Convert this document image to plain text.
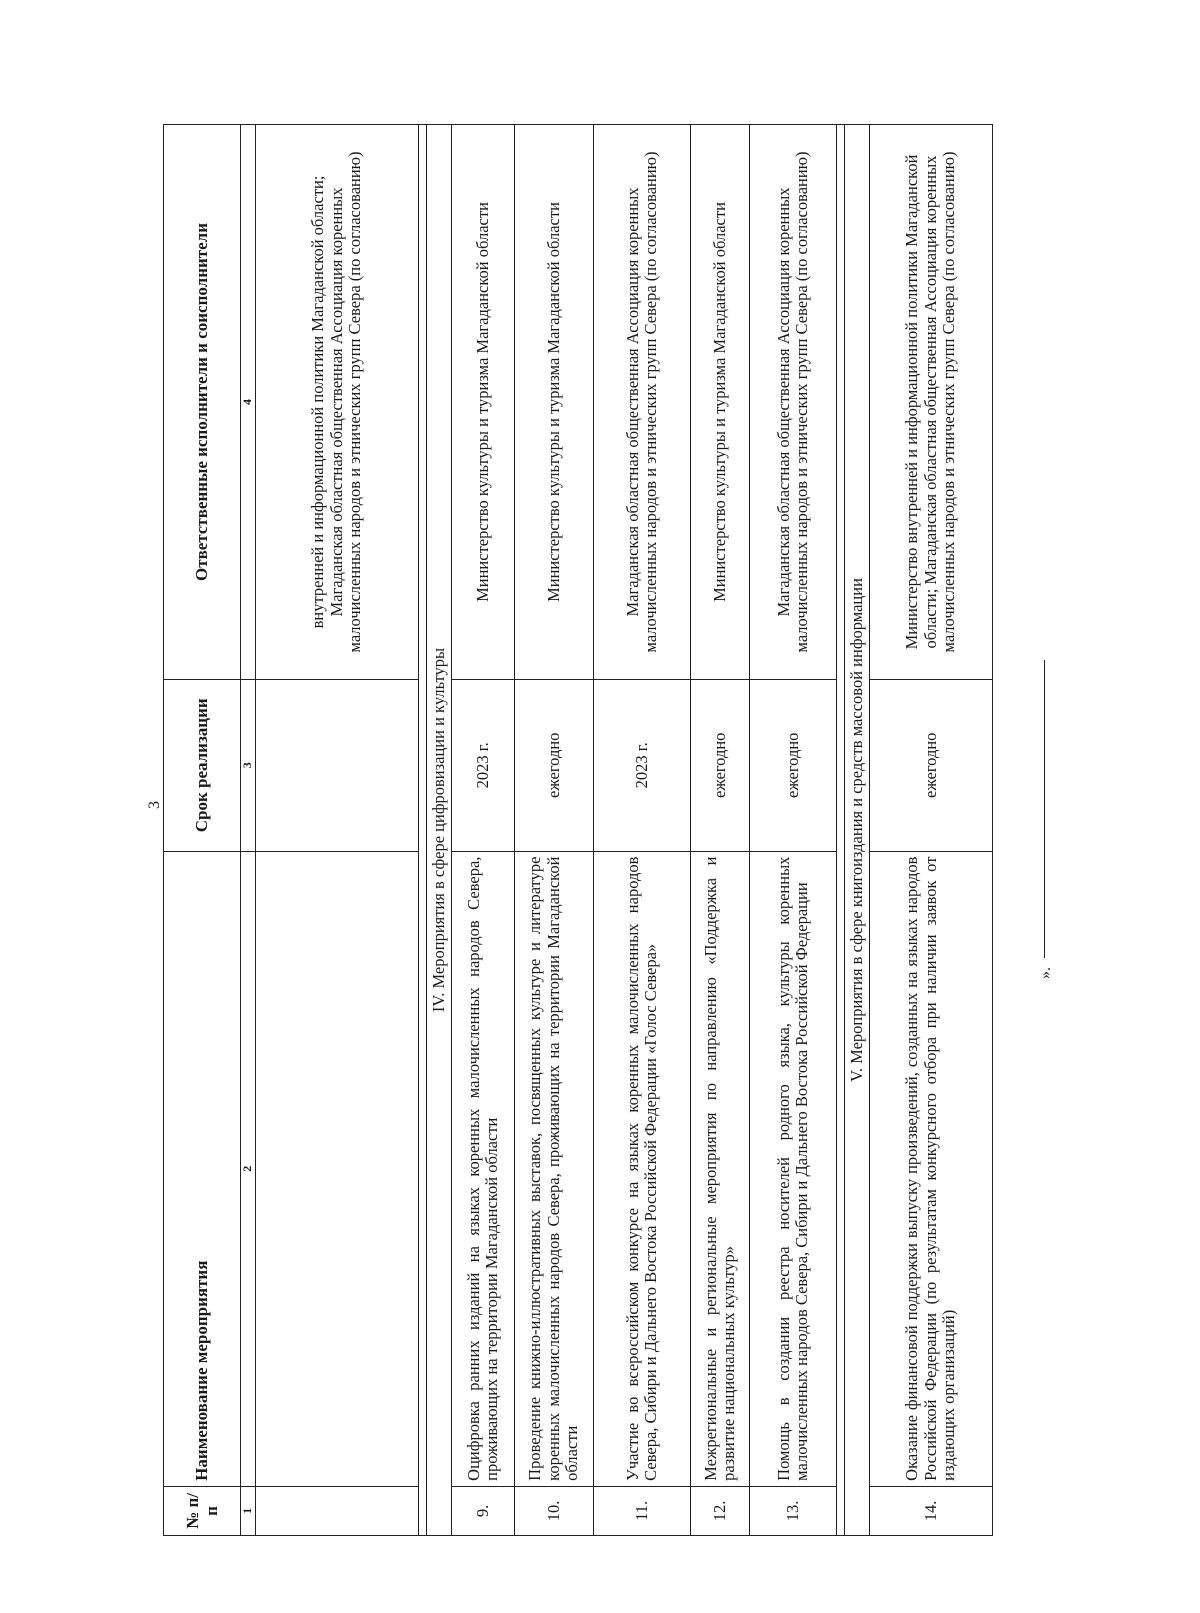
3
№ п/п	Наименование мероприятия	Срок реализации	Ответственные исполнители и соисполнители
1	2	3	4
			внутренней и информационной политики Магаданской области; Магаданская областная общественная Ассоциация коренных малочисленных народов и этнических групп Севера (по согласованию)

IV. Мероприятия в сфере цифровизации и культуры			
9.	Оцифровка ранних изданий на языках коренных малочисленных народов Севера, проживающих на территории Магаданской области	2023 г.	Министерство культуры и туризма Магаданской области
10.	Проведение книжно-иллюстративных выставок, посвященных культуре и литературе коренных малочисленных народов Севера, проживающих на территории Магаданской области	ежегодно	Министерство культуры и туризма Магаданской области
11.	Участие во всероссийском конкурсе на языках коренных малочисленных народов Севера, Сибири и Дальнего Востока Российской Федерации «Голос Севера»	2023 г.	Магаданская областная общественная Ассоциация коренных малочисленных народов и этнических групп Севера (по согласованию)
12.	Межрегиональные и региональные мероприятия по направлению «Поддержка и развитие национальных культур»	ежегодно	Министерство культуры и туризма Магаданской области
13.	Помощь в создании реестра носителей родного языка, культуры коренных малочисленных народов Севера, Сибири и Дальнего Востока Российской Федерации	ежегодно	Магаданская областная общественная Ассоциация коренных малочисленных народов и этнических групп Севера (по согласованию)

V. Мероприятия в сфере книгоиздания и средств массовой информации			
14.	Оказание финансовой поддержки выпуску произведений, созданных на языках народов Российской Федерации (по результатам конкурсного отбора при наличии заявок от издающих организаций)	ежегодно	Министерство внутренней и информационной политики Магаданской области; Магаданская областная общественная Ассоциация коренных малочисленных народов и этнических групп Севера (по согласованию)
».
